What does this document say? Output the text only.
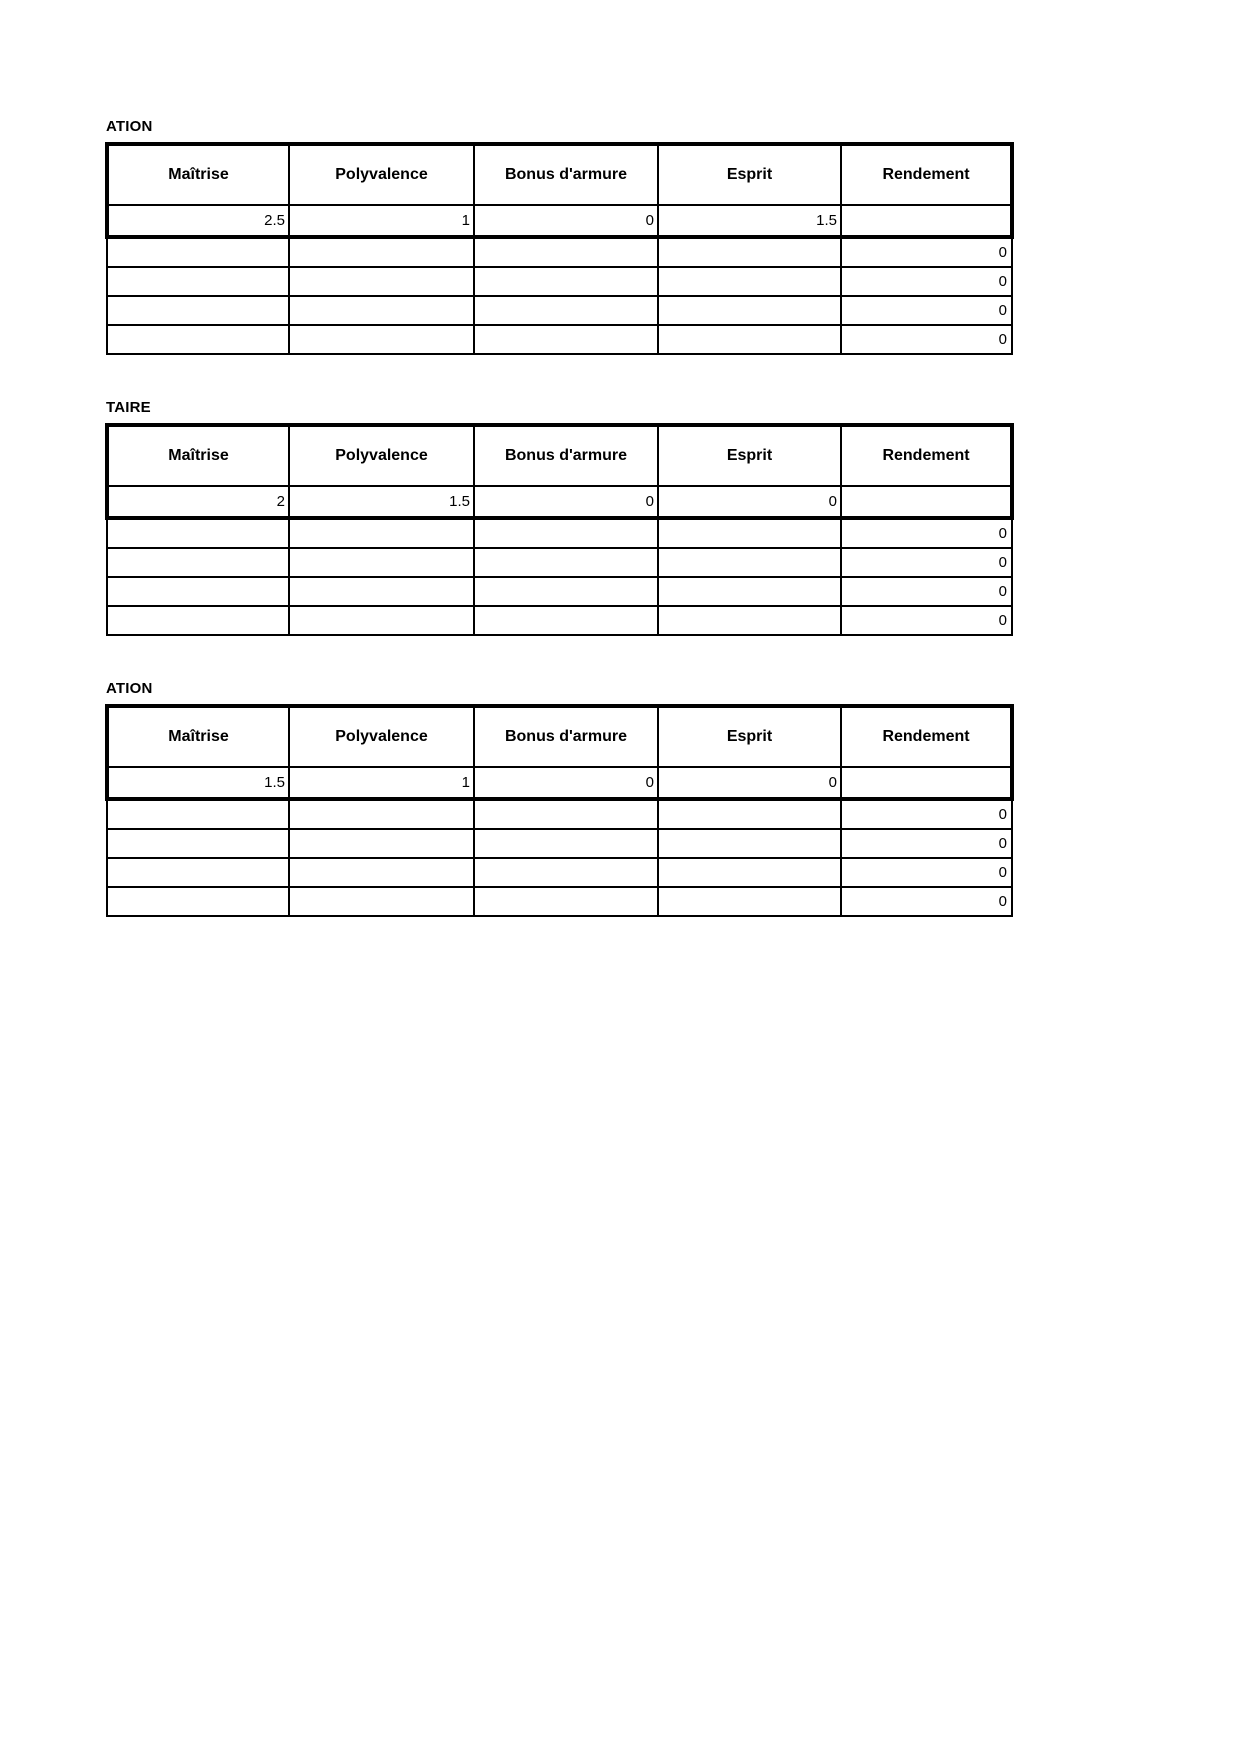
ATION
Maîtrise	Polyvalence	Bonus d'armure	Esprit	Rendement
2.5	1	0	1.5	
				0
				0
				0
				0
TAIRE
Maîtrise	Polyvalence	Bonus d'armure	Esprit	Rendement
2	1.5	0	0	
				0
				0
				0
				0
ATION
Maîtrise	Polyvalence	Bonus d'armure	Esprit	Rendement
1.5	1	0	0	
				0
				0
				0
				0
